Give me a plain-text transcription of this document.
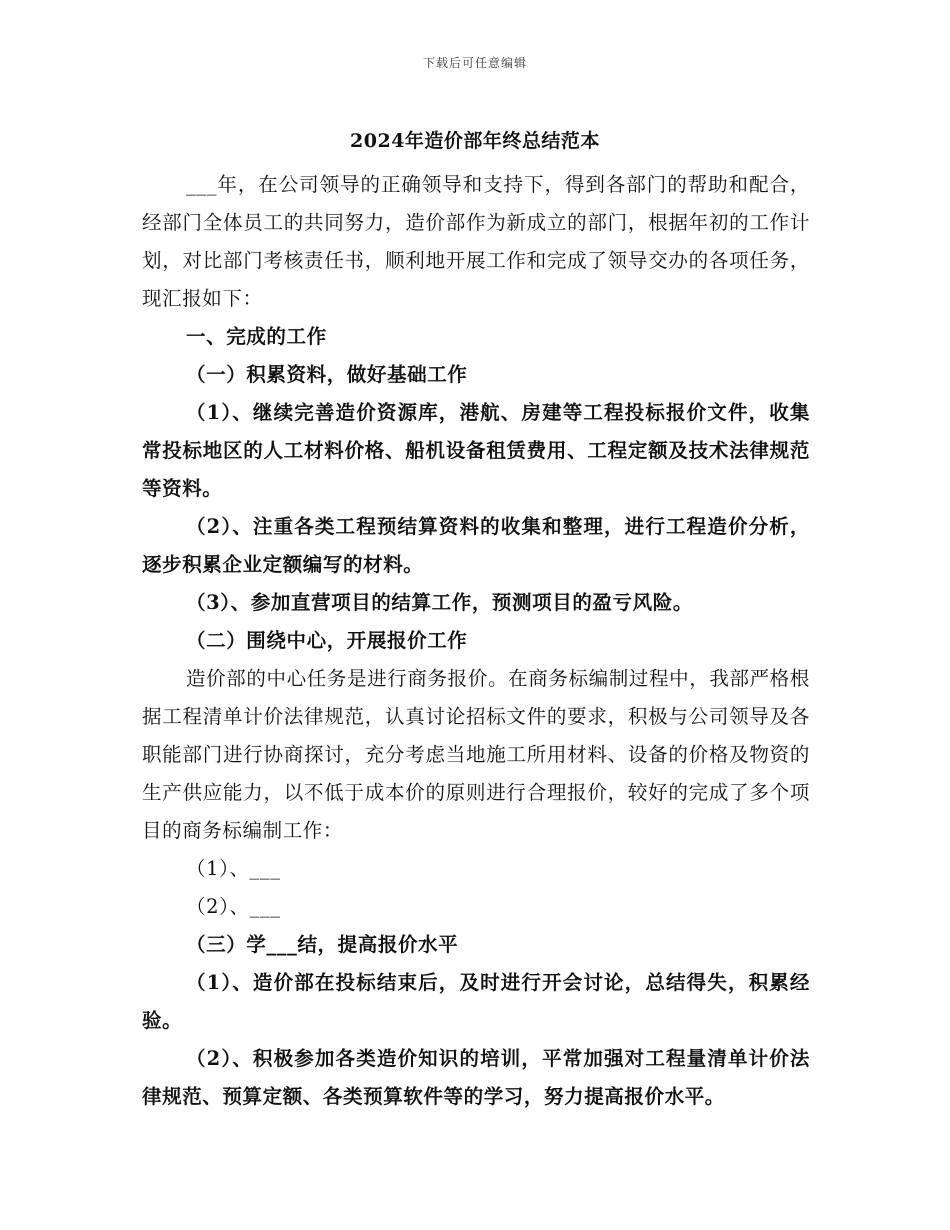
下载后可任意编辑
2024年造价部年终总结范本

___年，在公司领导的正确领导和支持下，得到各部门的帮助和配合，经部门全体员工的共同努力，造价部作为新成立的部门，根据年初的工作计划，对比部门考核责任书，顺利地开展工作和完成了领导交办的各项任务，现汇报如下：

一、完成的工作

（一）积累资料，做好基础工作

（1）、继续完善造价资源库，港航、房建等工程投标报价文件，收集常投标地区的人工材料价格、船机设备租赁费用、工程定额及技术法律规范等资料。

（2）、注重各类工程预结算资料的收集和整理，进行工程造价分析，逐步积累企业定额编写的材料。

（3）、参加直营项目的结算工作，预测项目的盈亏风险。

（二）围绕中心，开展报价工作

造价部的中心任务是进行商务报价。在商务标编制过程中，我部严格根据工程清单计价法律规范，认真讨论招标文件的要求，积极与公司领导及各职能部门进行协商探讨，充分考虑当地施工所用材料、设备的价格及物资的生产供应能力，以不低于成本价的原则进行合理报价，较好的完成了多个项目的商务标编制工作：

（1）、___

（2）、___

（三）学___结，提高报价水平

（1）、造价部在投标结束后，及时进行开会讨论，总结得失，积累经验。

（2）、积极参加各类造价知识的培训，平常加强对工程量清单计价法律规范、预算定额、各类预算软件等的学习，努力提高报价水平。
